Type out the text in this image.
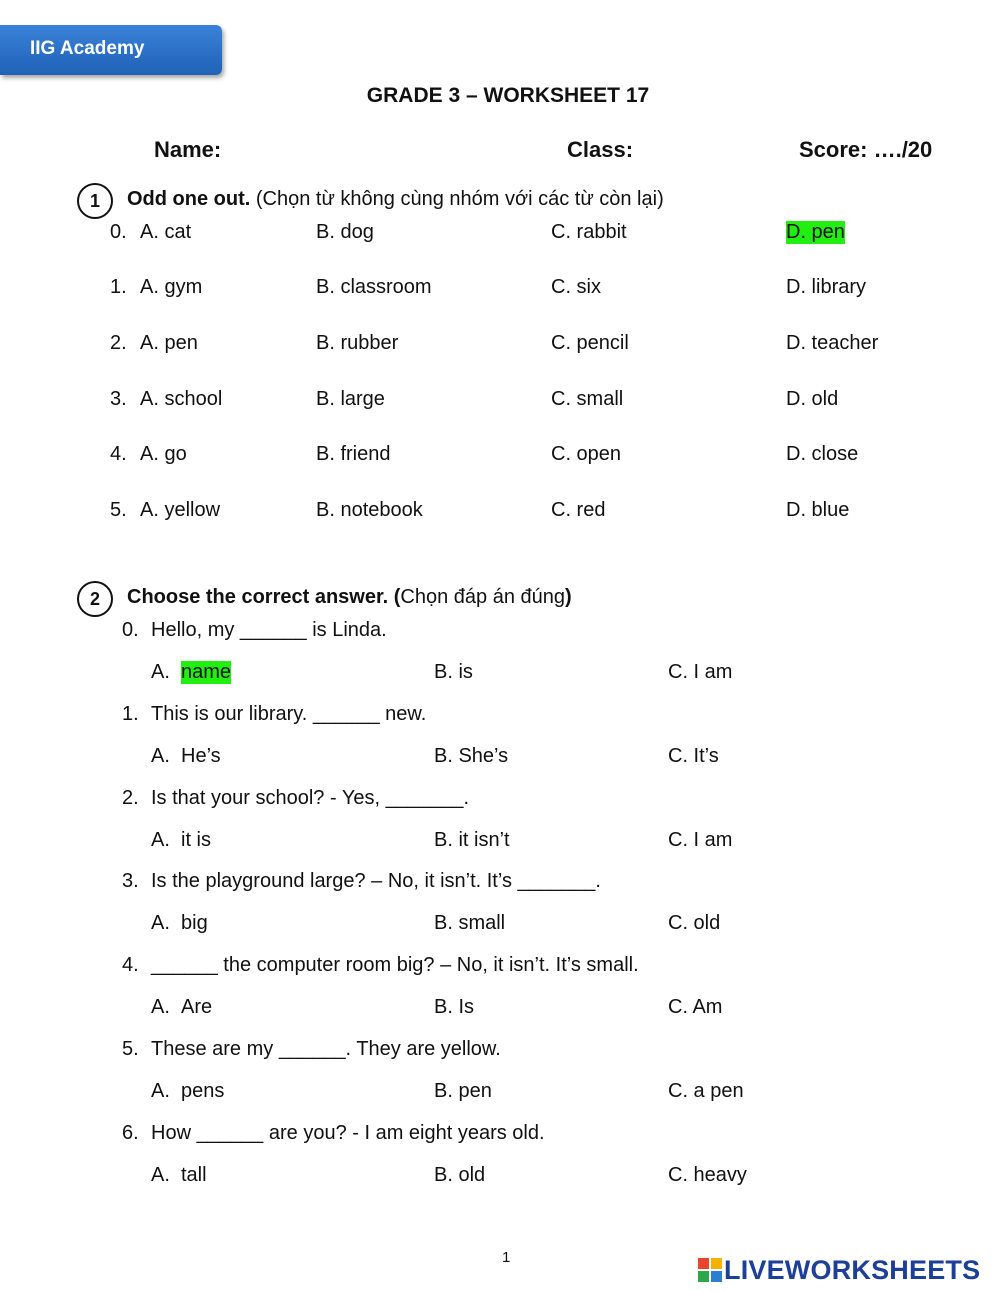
IIG Academy
GRADE 3 – WORKSHEET 17
Name:	Class:	Score: …./20
1	Odd one out. (Chọn từ không cùng nhóm với các từ còn lại)
0. A. cat	B. dog	C. rabbit	D. pen
1. A. gym	B. classroom	C. six	D. library
2. A. pen	B. rubber	C. pencil	D. teacher
3. A. school	B. large	C. small	D. old
4. A. go	B. friend	C. open	D. close
5. A. yellow	B. notebook	C. red	D. blue
2	Choose the correct answer. (Chọn đáp án đúng)
0. Hello, my ______ is Linda.
A. name	B. is	C. I am
1. This is our library. ______ new.
A. He’s	B. She’s	C. It’s
2. Is that your school? - Yes, _______.
A. it is	B. it isn’t	C. I am
3. Is the playground large? – No, it isn’t. It’s _______.
A. big	B. small	C. old
4. ______ the computer room big? – No, it isn’t. It’s small.
A. Are	B. Is	C. Am
5. These are my ______. They are yellow.
A. pens	B. pen	C. a pen
6. How ______ are you? - I am eight years old.
A. tall	B. old	C. heavy
1	LIVEWORKSHEETS
